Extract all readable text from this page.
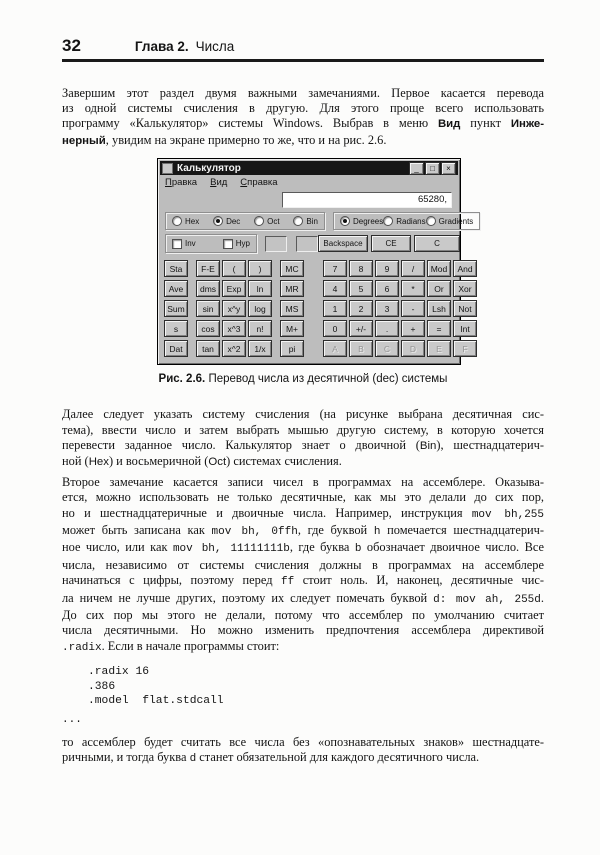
32	Глава 2. Числа
Завершим этот раздел двумя важными замечаниями. Первое касается перевода
из одной системы счисления в другую. Для этого проще всего использовать
программу «Калькулятор» системы Windows. Выбрав в меню Вид пункт Инже-
нерный, увидим на экране примерно то же, что и на рис. 2.6.
Калькулятор	_	□	×
Правка Вид Справка
65280,
Hex	Dec	Oct	Bin	Degrees Radians Gradients
Inv	Hyp	Backspace	CE	C
Sta	F-E	(	)	MC	7	8	9	/	Mod	And
Ave	dms	Exp	ln	MR	4	5	6	*	Or	Xor
Sum	sin	x^y	log	MS	1	2	3	-	Lsh	Not
s	cos	x^3	n!	M+	0	+/-	.	+	=	Int
Dat	tan	x^2	1/x	pi	A	B	C	D	E	F
Рис. 2.6. Перевод числа из десятичной (dec) системы
Далее следует указать систему счисления (на рисунке выбрана десятичная сис-
тема), ввести число и затем выбрать мышью другую систему, в которую хочется
перевести заданное число. Калькулятор знает о двоичной (Bin), шестнадцатерич-
ной (Hex) и восьмеричной (Oct) системах счисления.
Второе замечание касается записи чисел в программах на ассемблере. Оказыва-
ется, можно использовать не только десятичные, как мы это делали до сих пор,
но и шестнадцатеричные и двоичные числа. Например, инструкция mov bh,255
может быть записана как mov bh, 0ffh, где буквой h помечается шестнадцатерич-
ное число, или как mov bh, 11111111b, где буква b обозначает двоичное число. Все
числа, независимо от системы счисления должны в программах на ассемблере
начинаться с цифры, поэтому перед ff стоит ноль. И, наконец, десятичные чис-
ла ничем не лучше других, поэтому их следует помечать буквой d: mov ah, 255d.
До сих пор мы этого не делали, потому что ассемблер по умолчанию считает
числа десятичными. Но можно изменить предпочтения ассемблера директивой
.radix. Если в начале программы стоит:
.radix 16
.386
.model  flat.stdcall
...
то ассемблер будет считать все числа без «опознавательных знаков» шестнадцате-
ричными, и тогда буква d станет обязательной для каждого десятичного числа.
